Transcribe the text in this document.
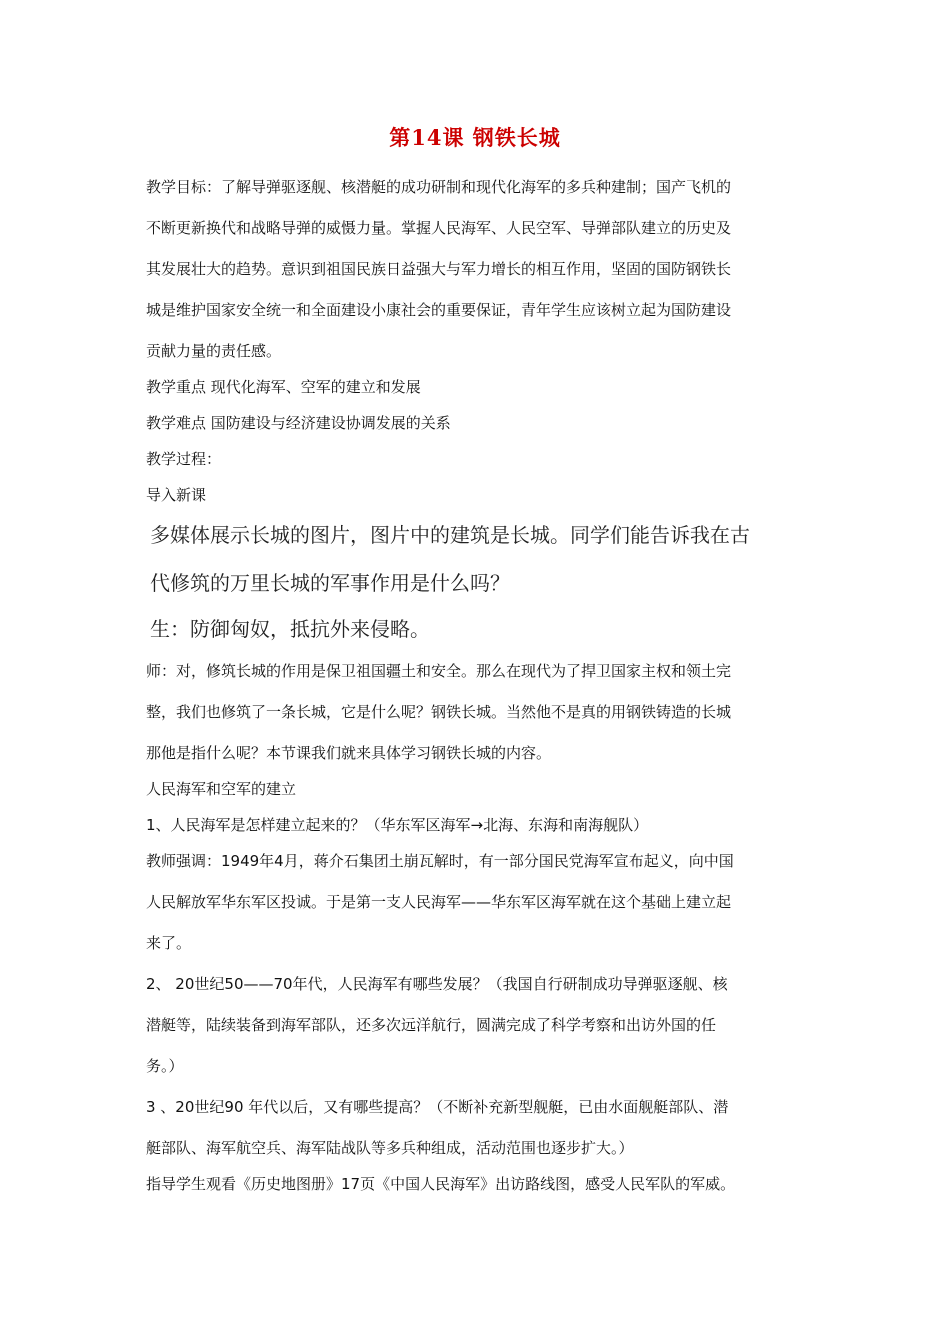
第14课 钢铁长城
教学目标：了解导弹驱逐舰、核潜艇的成功研制和现代化海军的多兵种建制；国产飞机的
不断更新换代和战略导弹的威慑力量。掌握人民海军、人民空军、导弹部队建立的历史及
其发展壮大的趋势。意识到祖国民族日益强大与军力增长的相互作用，坚固的国防钢铁长
城是维护国家安全统一和全面建设小康社会的重要保证，青年学生应该树立起为国防建设
贡献力量的责任感。
教学重点 现代化海军、空军的建立和发展
教学难点 国防建设与经济建设协调发展的关系
教学过程：
导入新课
多媒体展示长城的图片，图片中的建筑是长城。同学们能告诉我在古
代修筑的万里长城的军事作用是什么吗？
生：防御匈奴，抵抗外来侵略。
师：对，修筑长城的作用是保卫祖国疆土和安全。那么在现代为了捍卫国家主权和领土完
整，我们也修筑了一条长城，它是什么呢？钢铁长城。当然他不是真的用钢铁铸造的长城
那他是指什么呢？本节课我们就来具体学习钢铁长城的内容。
人民海军和空军的建立
1、人民海军是怎样建立起来的？（华东军区海军→北海、东海和南海舰队）
教师强调：1949年4月，蒋介石集团土崩瓦解时，有一部分国民党海军宣布起义，向中国
人民解放军华东军区投诚。于是第一支人民海军——华东军区海军就在这个基础上建立起
来了。
2、 20世纪50——70年代，人民海军有哪些发展？（我国自行研制成功导弹驱逐舰、核
潜艇等，陆续装备到海军部队，还多次远洋航行，圆满完成了科学考察和出访外国的任
务。）
3 、20世纪90 年代以后，又有哪些提高？（不断补充新型舰艇，已由水面舰艇部队、潜
艇部队、海军航空兵、海军陆战队等多兵种组成，活动范围也逐步扩大。）
指导学生观看《历史地图册》17页《中国人民海军》出访路线图，感受人民军队的军威。
